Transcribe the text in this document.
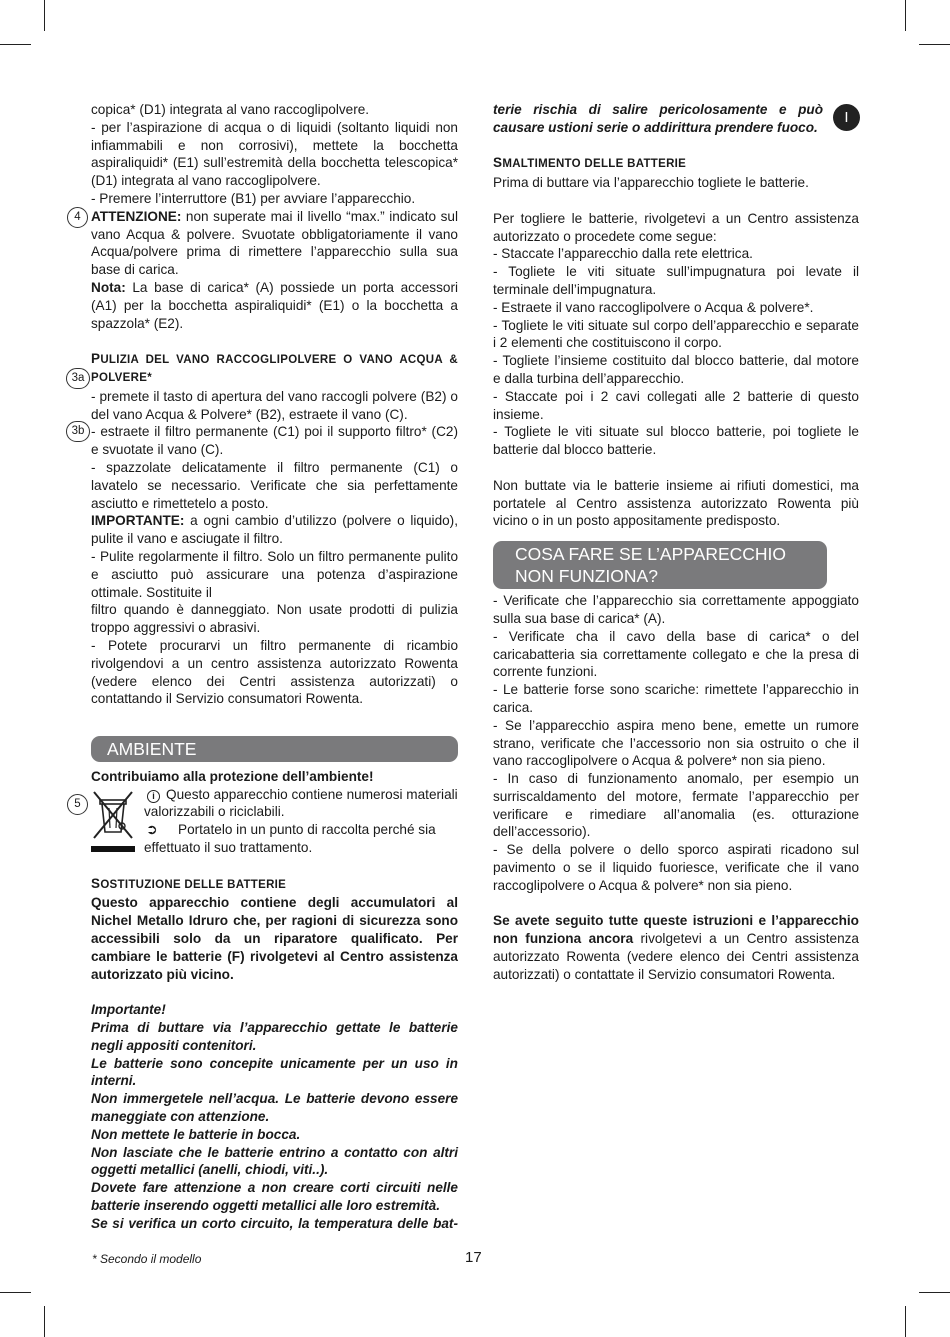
I
4
3a
3b
5

copica* (D1) integrata al vano raccoglipolvere.

- per l’aspirazione di acqua o di liquidi (soltanto liquidi non infiammabili e non corrosivi), mettete la bocchetta aspiraliquidi* (E1) sull’estremità della bocchetta telescopica* (D1) integrata al vano raccoglipolvere.

- Premere l’interruttore (B1) per avviare l’apparecchio.

ATTENZIONE: non superate mai il livello “max.” indicato sul vano Acqua & polvere. Svuotate obbligatoriamente il vano Acqua/polvere prima di rimettere l’apparecchio sulla sua base di carica.

Nota: La base di carica* (A) possiede un porta accessori (A1) per la bocchetta aspiraliquidi* (E1) o la bocchetta a spazzola* (E2).

PULIZIA DEL VANO RACCOGLIPOLVERE O VANO ACQUA & POLVERE*

- premete il tasto di apertura del vano raccogli polvere (B2) o del vano Acqua & Polvere* (B2), estraete il vano (C).

- estraete il filtro permanente (C1) poi il supporto filtro* (C2) e svuotate il vano (C).

- spazzolate delicatamente il filtro permanente (C1) o lavatelo se necessario. Verificate che sia perfettamente asciutto e rimettetelo a posto.

IMPORTANTE: a ogni cambio d’utilizzo (polvere o liquido), pulite il vano e asciugate il filtro.

- Pulite regolarmente il filtro. Solo un filtro permanente pulito e asciutto può assicurare una potenza d’aspirazione ottimale. Sostituite il

filtro quando è danneggiato. Non usate prodotti di pulizia troppo aggressivi o abrasivi.

- Potete procurarvi un filtro permanente di ricambio rivolgendovi a un centro assistenza autorizzato Rowenta (vedere elenco dei Centri assistenza autorizzati) o contattando il Servizio consumatori Rowenta.

AMBIENTE

Contribuiamo alla protezione dell’ambiente!

i Questo apparecchio contiene numerosi materiali valorizzabili o riciclabili.

➲ Portatelo in un punto di raccolta perché sia effettuato il suo trattamento.

SOSTITUZIONE DELLE BATTERIE

Questo apparecchio contiene degli accumulatori al Nichel Metallo Idruro che, per ragioni di sicurezza sono accessibili solo da un riparatore qualificato. Per cambiare le batterie (F) rivolgetevi al Centro assistenza autorizzato più vicino.

Importante!

Prima di buttare via l’apparecchio gettate le batterie negli appositi contenitori.

Le batterie sono concepite unicamente per un uso in interni.

Non immergetele nell’acqua. Le batterie devono essere maneggiate con attenzione.

Non mettete le batterie in bocca.

Non lasciate che le batterie entrino a contatto con altri oggetti metallici (anelli, chiodi, viti..).

Dovete fare attenzione a non creare corti circuiti nelle batterie inserendo oggetti metallici alle loro estremità.

Se si verifica un corto circuito, la temperatura delle bat-

terie rischia di salire pericolosamente e può causare ustioni serie o addirittura prendere fuoco.

SMALTIMENTO DELLE BATTERIE

Prima di buttare via l’apparecchio togliete le batterie.

Per togliere le batterie, rivolgetevi a un Centro assistenza autorizzato o procedete come segue:

- Staccate l’apparecchio dalla rete elettrica.

- Togliete le viti situate sull’impugnatura poi levate il terminale dell’impugnatura.

- Estraete il vano raccoglipolvere o Acqua & polvere*.

- Togliete le viti situate sul corpo dell’apparecchio e separate i 2 elementi che costituiscono il corpo.

- Togliete l’insieme costituito dal blocco batterie, dal motore e dalla turbina dell’apparecchio.

- Staccate poi i 2 cavi collegati alle 2 batterie di questo insieme.

- Togliete le viti situate sul blocco batterie, poi togliete le batterie dal blocco batterie.

Non buttate via le batterie insieme ai rifiuti domestici, ma portatele al Centro assistenza autorizzato Rowenta più vicino o in un posto appositamente predisposto.

COSA FARE SE L’APPARECCHIO NON FUNZIONA?

- Verificate che l’apparecchio sia correttamente appoggiato sulla sua base di carica* (A).

- Verificate cha il cavo della base di carica* o del caricabatteria sia correttamente collegato e che la presa di corrente funzioni.

- Le batterie forse sono scariche: rimettete l’apparecchio in carica.

- Se l’apparecchio aspira meno bene, emette un rumore strano, verificate che l’accessorio non sia ostruito o che il vano raccoglipolvere o Acqua & polvere* non sia pieno.

- In caso di funzionamento anomalo, per esempio un surriscaldamento del motore, fermate l’apparecchio per verificare e rimediare all’anomalia (es. otturazione dell’accessorio).

- Se della polvere o dello sporco aspirati ricadono sul pavimento o se il liquido fuoriesce, verificate che il vano raccoglipolvere o Acqua & polvere* non sia pieno.

Se avete seguito tutte queste istruzioni e l’apparecchio non funziona ancora rivolgetevi a un Centro assistenza autorizzato Rowenta (vedere elenco dei Centri assistenza autorizzati) o contattate il Servizio consumatori Rowenta.

* Secondo il modello	17
